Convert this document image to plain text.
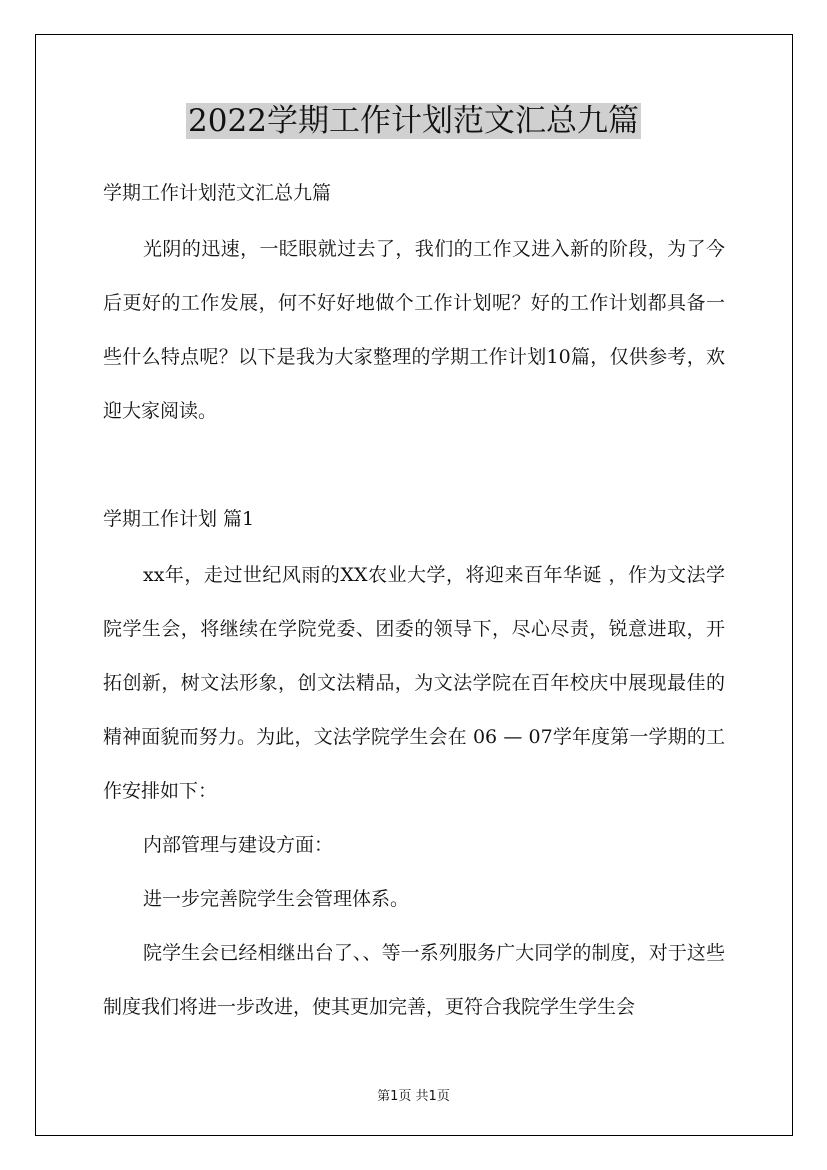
2022学期工作计划范文汇总九篇

学期工作计划范文汇总九篇

光阴的迅速，一眨眼就过去了，我们的工作又进入新的阶段，为了今后更好的工作发展，何不好好地做个工作计划呢？好的工作计划都具备一些什么特点呢？以下是我为大家整理的学期工作计划10篇，仅供参考，欢迎大家阅读。

学期工作计划 篇1

xx年，走过世纪风雨的XX农业大学，将迎来百年华诞 ，作为文法学院学生会，将继续在学院党委、团委的领导下，尽心尽责，锐意进取，开拓创新，树文法形象，创文法精品，为文法学院在百年校庆中展现最佳的精神面貌而努力。为此，文法学院学生会在 06 — 07学年度第一学期的工作安排如下：

内部管理与建设方面：

进一步完善院学生会管理体系。

院学生会已经相继出台了、、等一系列服务广大同学的制度，对于这些制度我们将进一步改进，使其更加完善，更符合我院学生学生会

第1页 共1页
